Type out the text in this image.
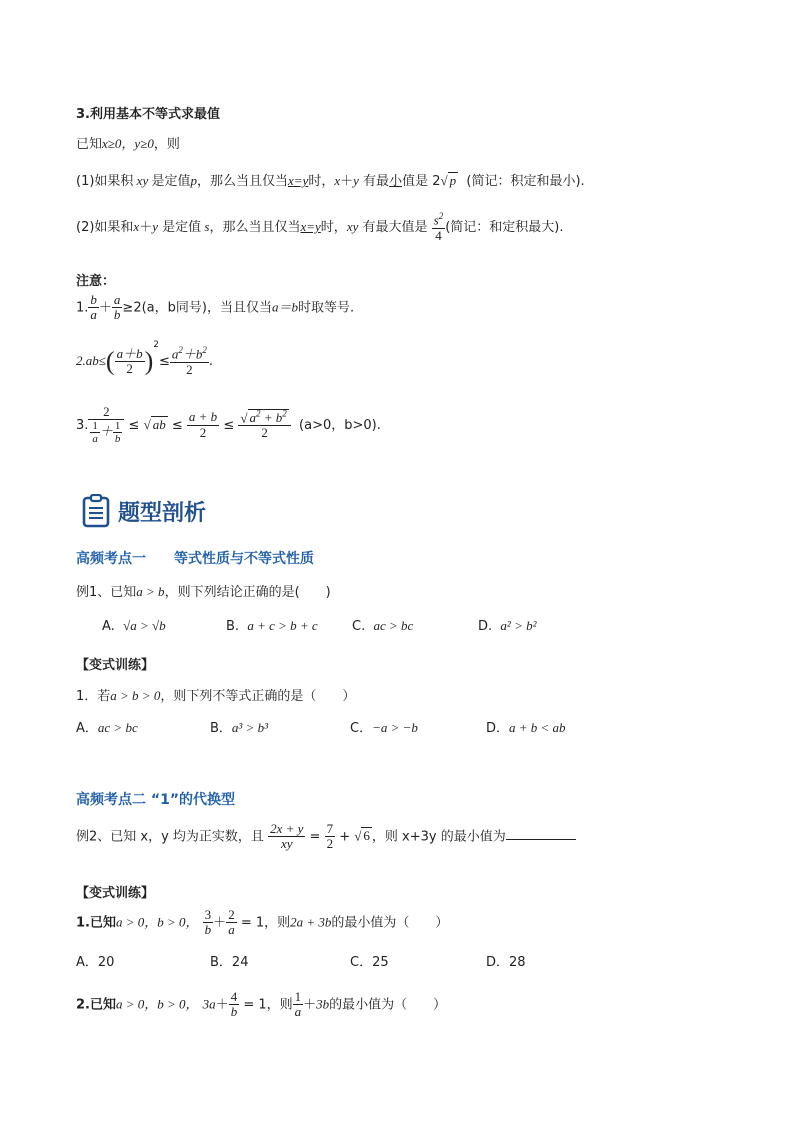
3.利用基本不等式求最值
已知x≥0，y≥0，则
(1)如果积 xy 是定值p，那么当且仅当x=y时，x＋y 有最小值是 2√ p (简记：积定和最小).
(2)如果和x＋y 是定值 s，那么当且仅当x=y时，xy 有最大值是 $\frac{s^2}{4}$ (简记：和定积最大).
注意：
1. $\frac{b}{a} + \frac{a}{b} \ge 2(a$，b同号)，当且仅当a＝b时取等号.
$2.ab\le( \frac{a+b}{2} )^2\le \frac{a^2+b^2}{2}$ .
3. $\frac{2}{\frac{1}{a} + \frac{1}{b}}$ ≤ √ ab ≤ $\frac{a + b}{2} \le \frac{√ a^2 + b^2}{2} (a>0$，b>0).
题型剖析
高频考点一　　等式性质与不等式性质
例1、已知a > b，则下列结论正确的是(　　)
A. √a > √b	B. a + c > b + c	C. ac > bc	D. a² > b²
【变式训练】
1．若a > b > 0，则下列不等式正确的是（　　）
A．ac > bc	B．a³ > b³	C．−a > −b	D．a + b < ab
高频考点二 “1”的代换型
例2、已知 x，y 均为正实数，且 $\frac{2x + y}{xy} = \frac{7}{2}$ + √ 6 ，则 x+3y 的最小值为
【变式训练】
1.已知a > 0，b > 0， $\frac{3}{b} + \frac{2}{a} = 1$，则2a + 3b的最小值为（　　）
A．20	B．24	C．25	D．28
2.已知a > 0，b > 0， $3a+ \frac{4}{b} = 1$，则 $\frac{1}{a} +3b$的最小值为（　　）
